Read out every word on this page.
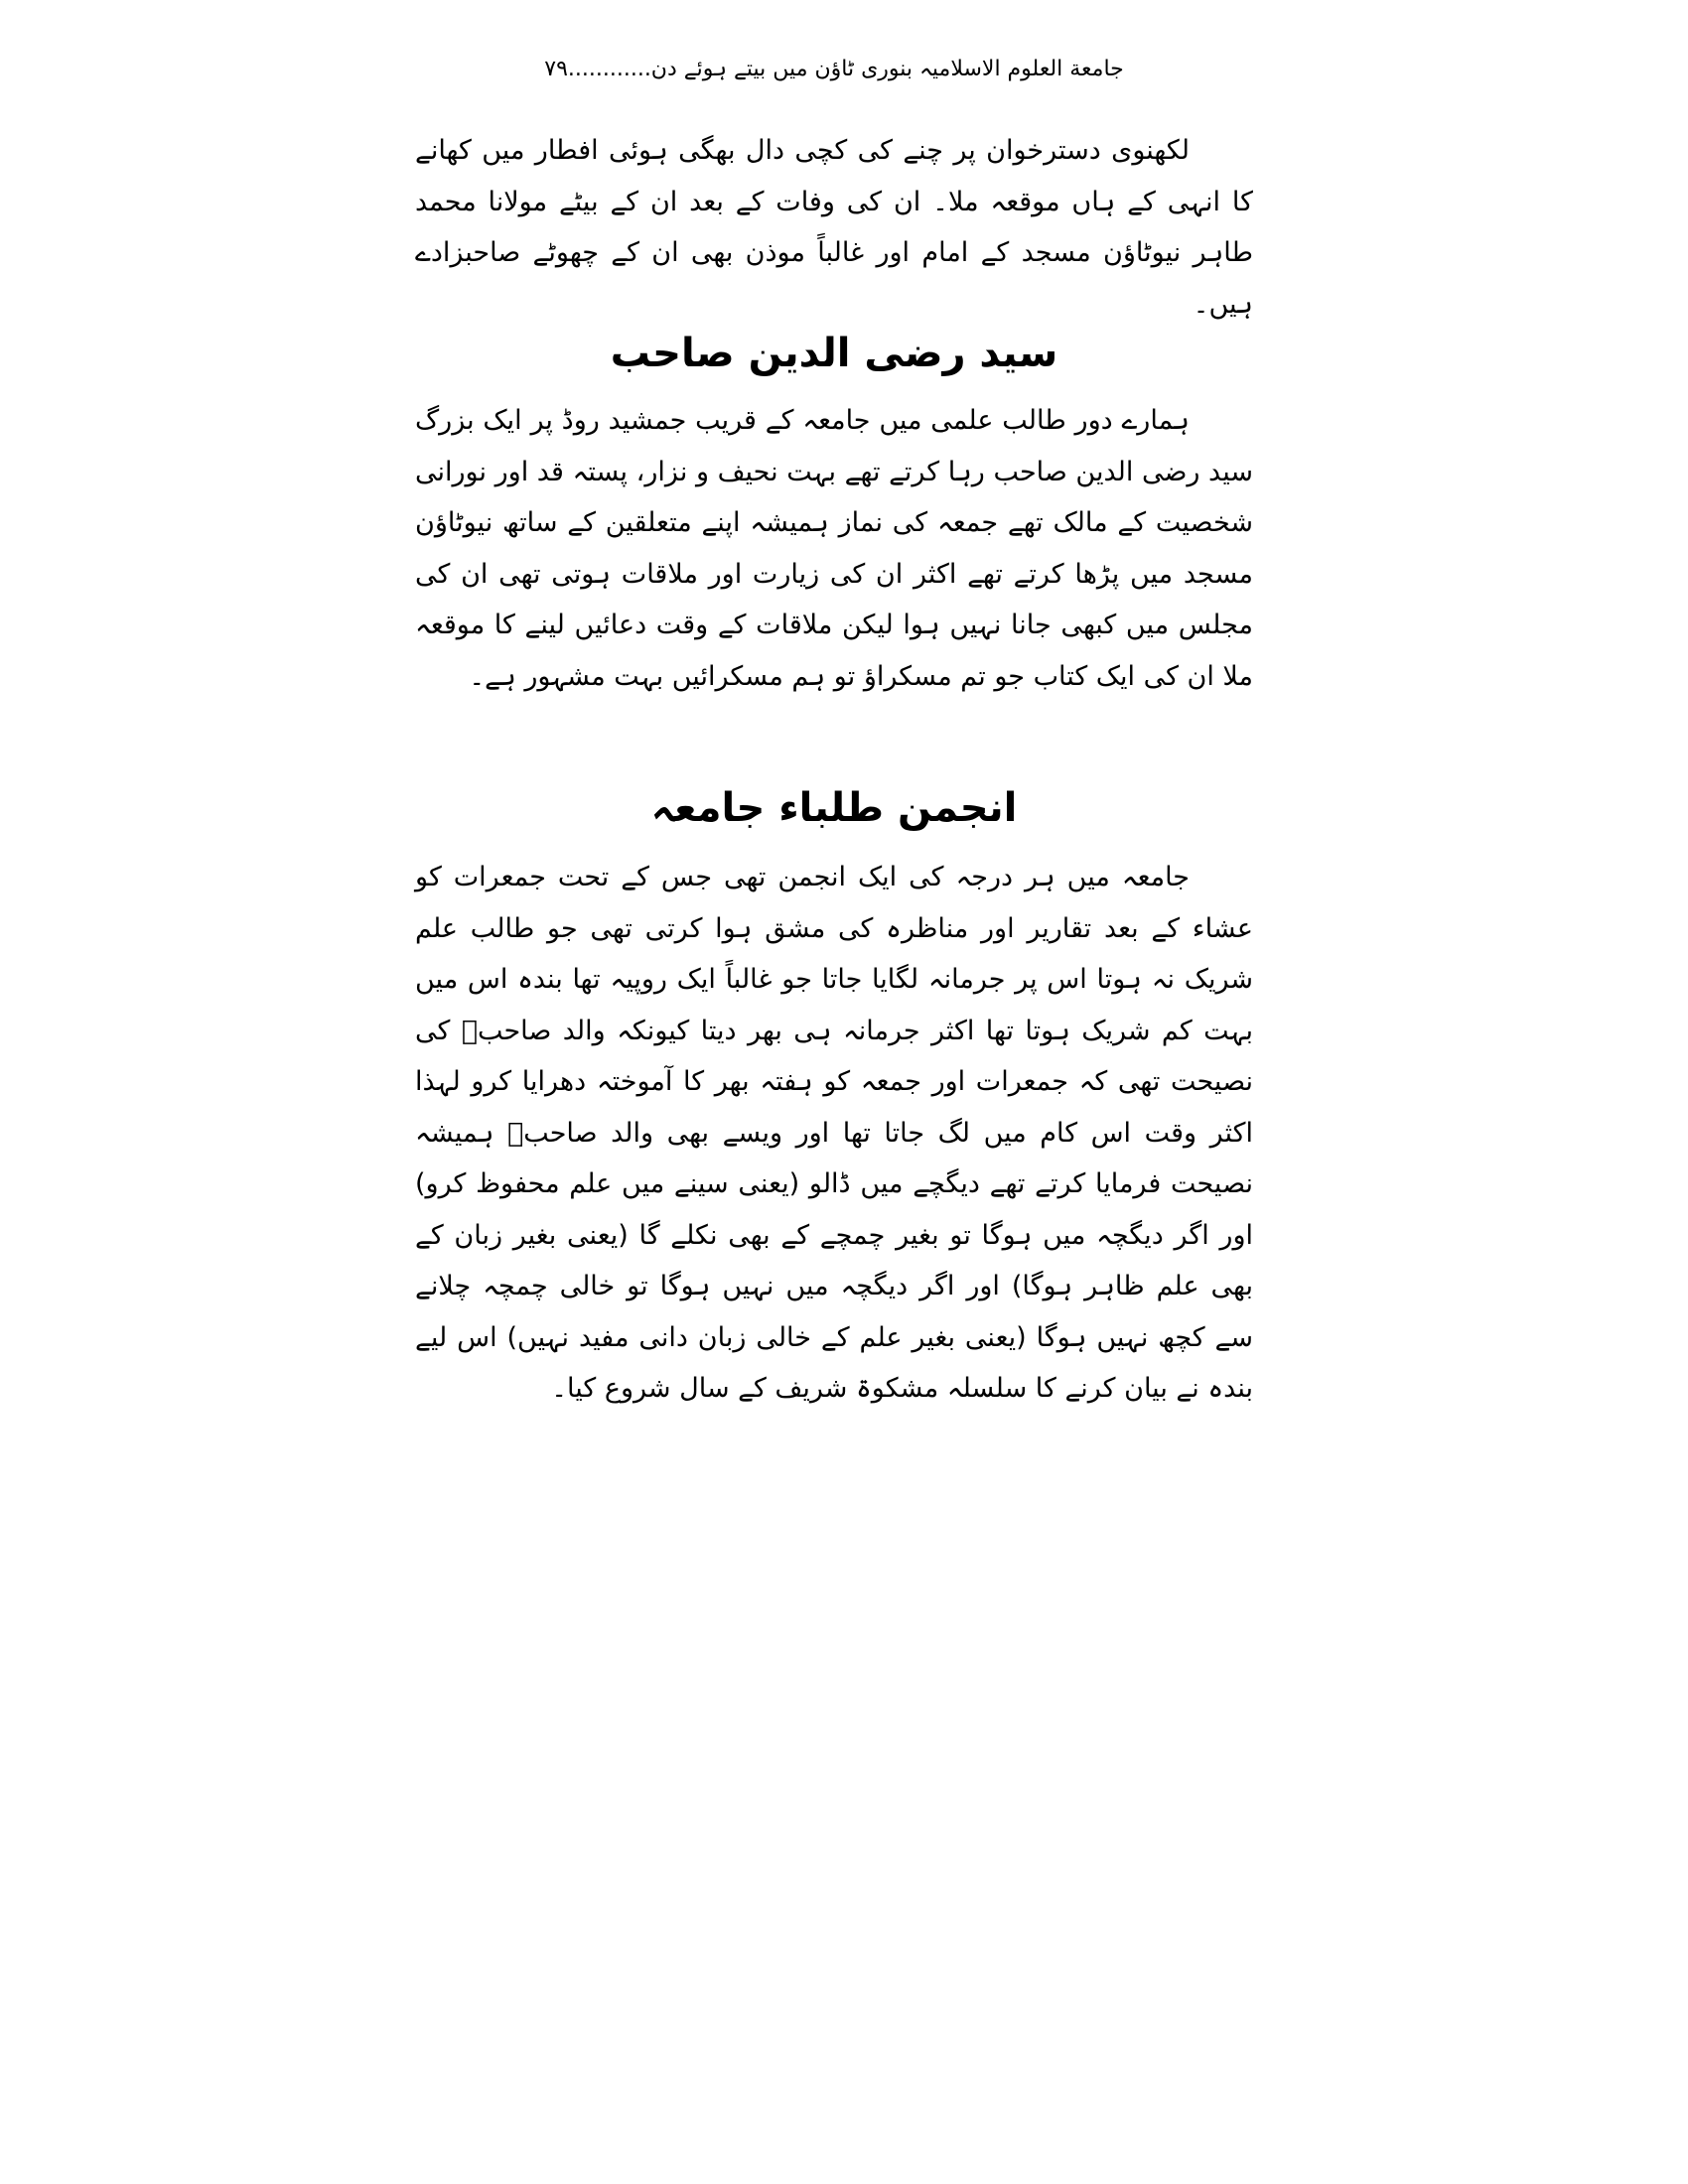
جامعة العلوم الاسلامیہ بنوری ٹاؤن میں بیتے ہوئے دن............۷۹

لکھنوی دسترخوان پر چنے کی کچی دال بھگی ہوئی افطار میں کھانے کا انہی کے ہاں موقعہ ملا۔ ان کی وفات کے بعد ان کے بیٹے مولانا محمد طاہر نیوٹاؤن مسجد کے امام اور غالباً موذن بھی ان کے چھوٹے صاحبزادے ہیں۔

سید رضی الدین صاحب

ہمارے دور طالب علمی میں جامعہ کے قریب جمشید روڈ پر ایک بزرگ سید رضی الدین صاحب رہا کرتے تھے بہت نحیف و نزار، پستہ قد اور نورانی شخصیت کے مالک تھے جمعہ کی نماز ہمیشہ اپنے متعلقین کے ساتھ نیوٹاؤن مسجد میں پڑھا کرتے تھے اکثر ان کی زیارت اور ملاقات ہوتی تھی ان کی مجلس میں کبھی جانا نہیں ہوا لیکن ملاقات کے وقت دعائیں لینے کا موقعہ ملا ان کی ایک کتاب جو تم مسکراؤ تو ہم مسکرائیں بہت مشہور ہے۔

انجمن طلباء جامعہ

جامعہ میں ہر درجہ کی ایک انجمن تھی جس کے تحت جمعرات کو عشاء کے بعد تقاریر اور مناظرہ کی مشق ہوا کرتی تھی جو طالب علم شریک نہ ہوتا اس پر جرمانہ لگایا جاتا جو غالباً ایک روپیہ تھا بندہ اس میں بہت کم شریک ہوتا تھا اکثر جرمانہ ہی بھر دیتا کیونکہ والد صاحبؒ کی نصیحت تھی کہ جمعرات اور جمعہ کو ہفتہ بھر کا آموختہ دھرایا کرو لہذا اکثر وقت اس کام میں لگ جاتا تھا اور ویسے بھی والد صاحبؒ ہمیشہ نصیحت فرمایا کرتے تھے دیگچے میں ڈالو (یعنی سینے میں علم محفوظ کرو) اور اگر دیگچہ میں ہوگا تو بغیر چمچے کے بھی نکلے گا (یعنی بغیر زبان کے بھی علم ظاہر ہوگا) اور اگر دیگچہ میں نہیں ہوگا تو خالی چمچہ چلانے سے کچھ نہیں ہوگا (یعنی بغیر علم کے خالی زبان دانی مفید نہیں) اس لیے بندہ نے بیان کرنے کا سلسلہ مشکوۃ شریف کے سال شروع کیا۔
